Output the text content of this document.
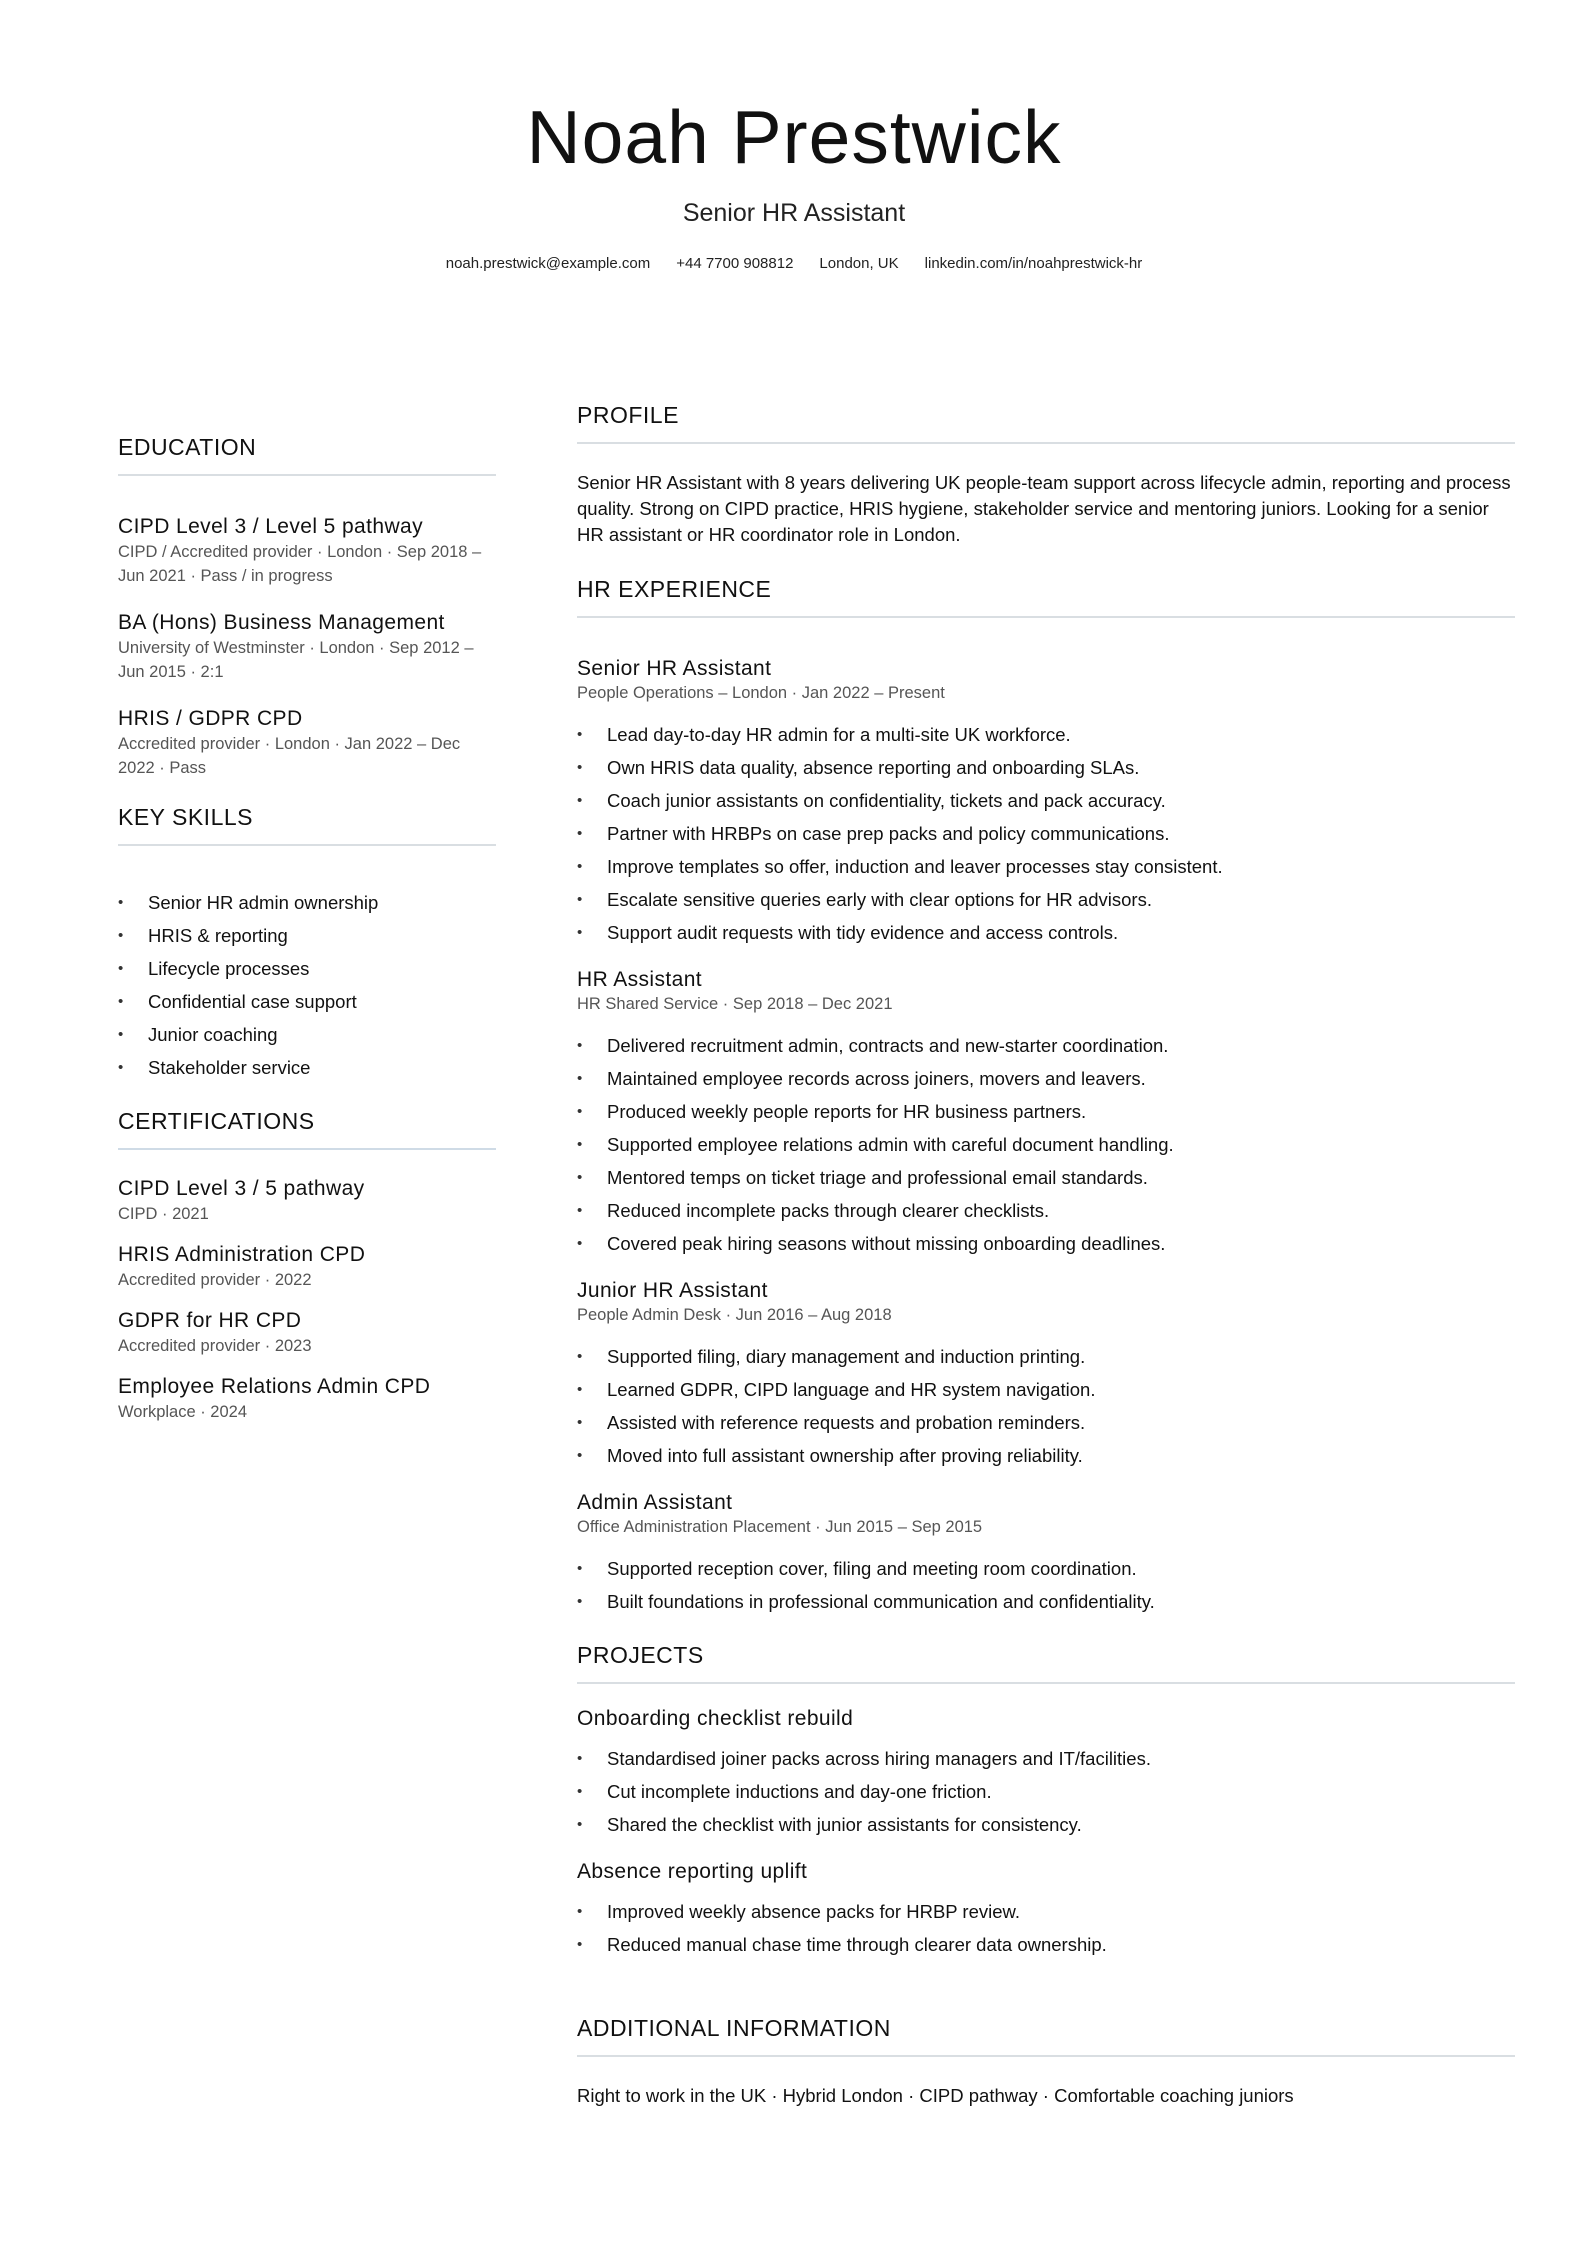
Noah Prestwick
Senior HR Assistant
noah.prestwick@example.com +44 7700 908812 London, UK linkedin.com/in/noahprestwick-hr
EDUCATION
CIPD Level 3 / Level 5 pathway
CIPD / Accredited provider · London · Sep 2018 – Jun 2021 · Pass / in progress
BA (Hons) Business Management
University of Westminster · London · Sep 2012 – Jun 2015 · 2:1
HRIS / GDPR CPD
Accredited provider · London · Jan 2022 – Dec 2022 · Pass
KEY SKILLS
• Senior HR admin ownership
• HRIS & reporting
• Lifecycle processes
• Confidential case support
• Junior coaching
• Stakeholder service
CERTIFICATIONS
CIPD Level 3 / 5 pathway
CIPD · 2021
HRIS Administration CPD
Accredited provider · 2022
GDPR for HR CPD
Accredited provider · 2023
Employee Relations Admin CPD
Workplace · 2024
PROFILE
Senior HR Assistant with 8 years delivering UK people-team support across lifecycle admin, reporting and process quality. Strong on CIPD practice, HRIS hygiene, stakeholder service and mentoring juniors. Looking for a senior HR assistant or HR coordinator role in London.
HR EXPERIENCE
Senior HR Assistant
People Operations – London · Jan 2022 – Present
• Lead day-to-day HR admin for a multi-site UK workforce.
• Own HRIS data quality, absence reporting and onboarding SLAs.
• Coach junior assistants on confidentiality, tickets and pack accuracy.
• Partner with HRBPs on case prep packs and policy communications.
• Improve templates so offer, induction and leaver processes stay consistent.
• Escalate sensitive queries early with clear options for HR advisors.
• Support audit requests with tidy evidence and access controls.
HR Assistant
HR Shared Service · Sep 2018 – Dec 2021
• Delivered recruitment admin, contracts and new-starter coordination.
• Maintained employee records across joiners, movers and leavers.
• Produced weekly people reports for HR business partners.
• Supported employee relations admin with careful document handling.
• Mentored temps on ticket triage and professional email standards.
• Reduced incomplete packs through clearer checklists.
• Covered peak hiring seasons without missing onboarding deadlines.
Junior HR Assistant
People Admin Desk · Jun 2016 – Aug 2018
• Supported filing, diary management and induction printing.
• Learned GDPR, CIPD language and HR system navigation.
• Assisted with reference requests and probation reminders.
• Moved into full assistant ownership after proving reliability.
Admin Assistant
Office Administration Placement · Jun 2015 – Sep 2015
• Supported reception cover, filing and meeting room coordination.
• Built foundations in professional communication and confidentiality.
PROJECTS
Onboarding checklist rebuild
• Standardised joiner packs across hiring managers and IT/facilities.
• Cut incomplete inductions and day-one friction.
• Shared the checklist with junior assistants for consistency.
Absence reporting uplift
• Improved weekly absence packs for HRBP review.
• Reduced manual chase time through clearer data ownership.
ADDITIONAL INFORMATION
Right to work in the UK · Hybrid London · CIPD pathway · Comfortable coaching juniors
